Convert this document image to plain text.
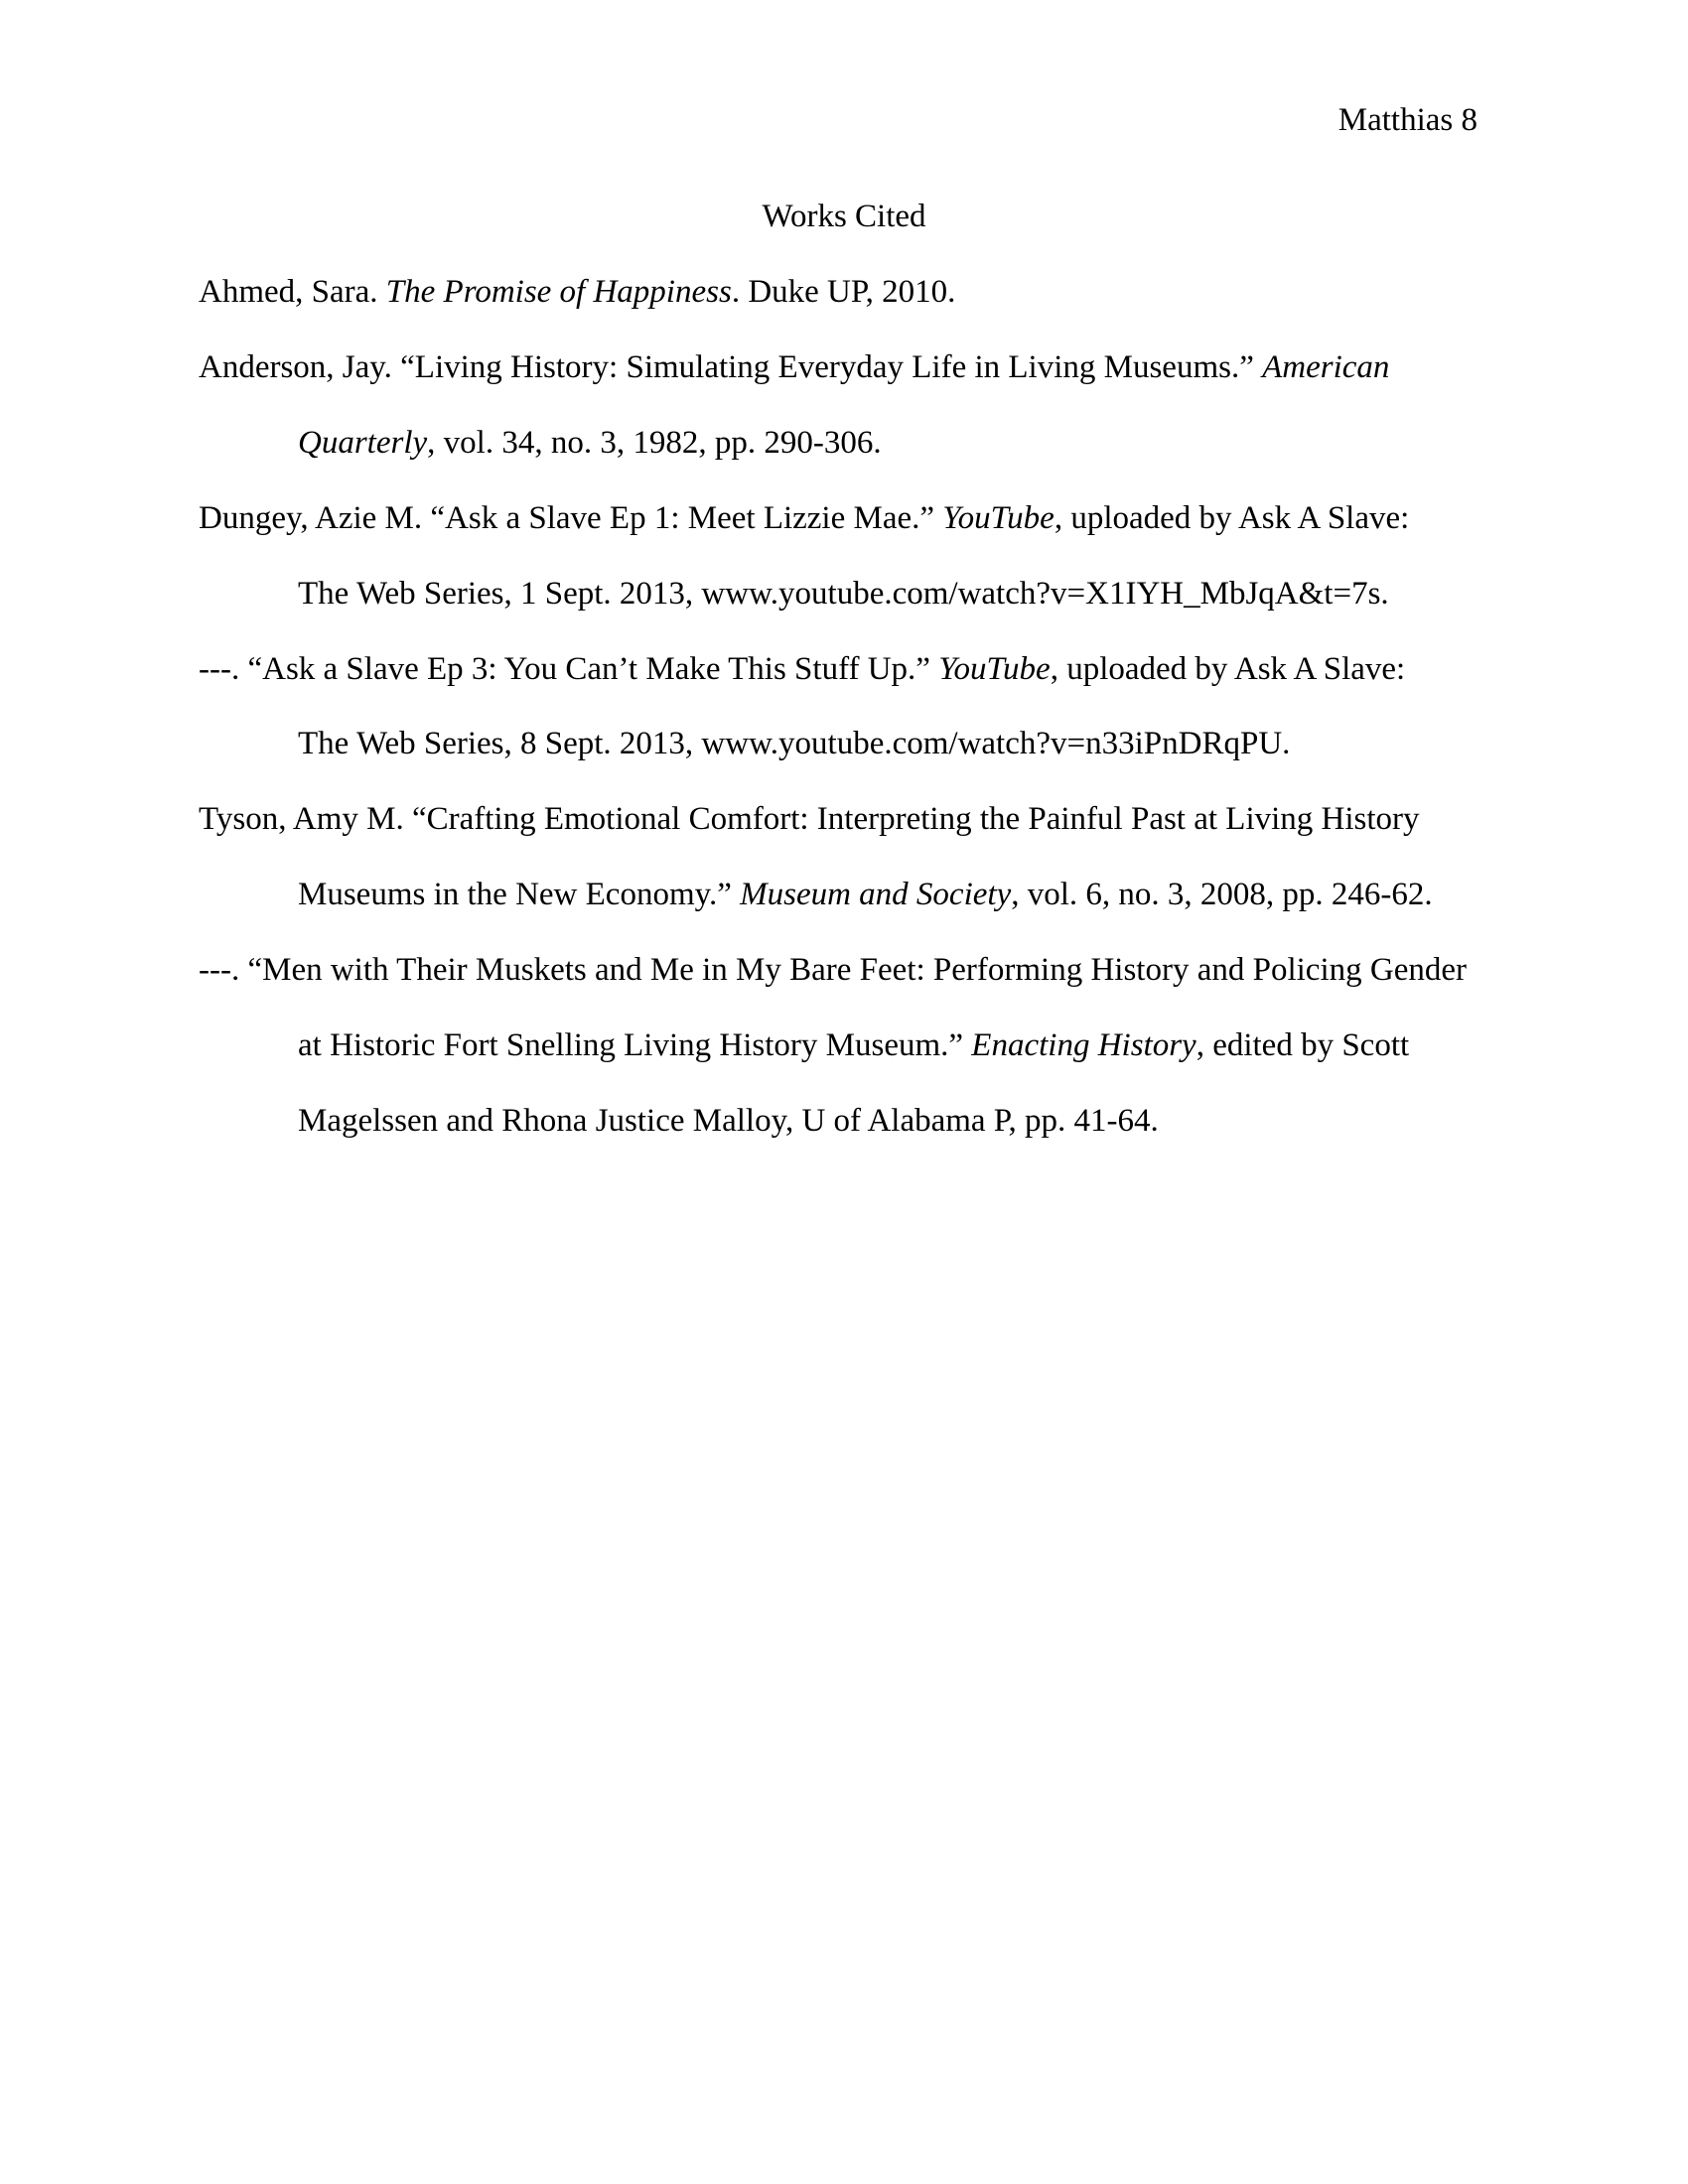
Matthias 8
Works Cited
Ahmed, Sara. The Promise of Happiness. Duke UP, 2010.
Anderson, Jay. “Living History: Simulating Everyday Life in Living Museums.” American
Quarterly, vol. 34, no. 3, 1982, pp. 290-306.
Dungey, Azie M. “Ask a Slave Ep 1: Meet Lizzie Mae.” YouTube, uploaded by Ask A Slave:
The Web Series, 1 Sept. 2013, www.youtube.com/watch?v=X1IYH_MbJqA&t=7s.
---. “Ask a Slave Ep 3: You Can’t Make This Stuff Up.” YouTube, uploaded by Ask A Slave:
The Web Series, 8 Sept. 2013, www.youtube.com/watch?v=n33iPnDRqPU.
Tyson, Amy M. “Crafting Emotional Comfort: Interpreting the Painful Past at Living History
Museums in the New Economy.” Museum and Society, vol. 6, no. 3, 2008, pp. 246-62.
---. “Men with Their Muskets and Me in My Bare Feet: Performing History and Policing Gender
at Historic Fort Snelling Living History Museum.” Enacting History, edited by Scott
Magelssen and Rhona Justice Malloy, U of Alabama P, pp. 41-64.
